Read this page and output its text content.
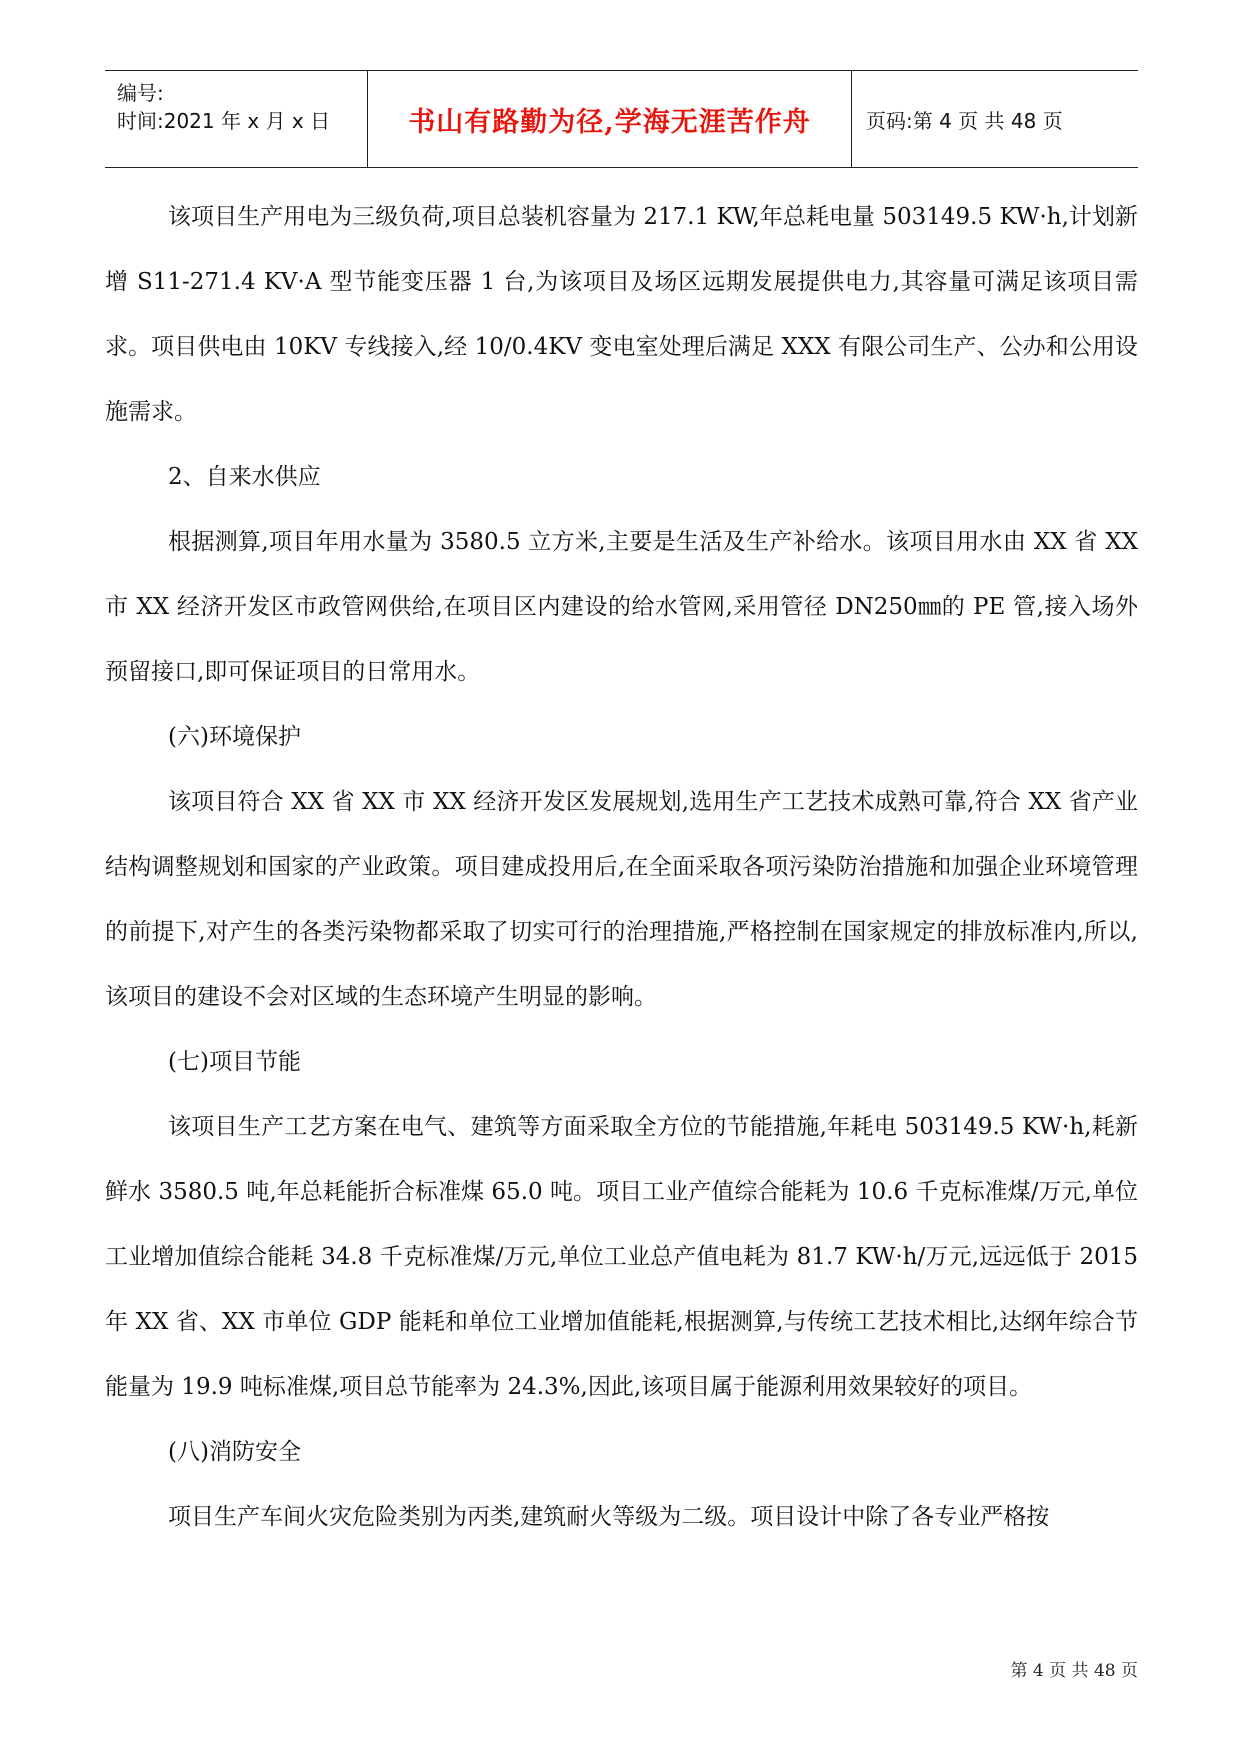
编号:
时间:2021 年 x 月 x 日	书山有路勤为径,学海无涯苦作舟	页码:第 4 页 共 48 页

该项目生产用电为三级负荷,项目总装机容量为 217.1 KW,年总耗电量 503149.5 KW·h,计划新增 S11-271.4 KV·A 型节能变压器 1 台,为该项目及场区远期发展提供电力,其容量可满足该项目需求。项目供电由 10KV 专线接入,经 10/0.4KV 变电室处理后满足 XXX 有限公司生产、公办和公用设施需求。

2、自来水供应

根据测算,项目年用水量为 3580.5 立方米,主要是生活及生产补给水。该项目用水由 XX 省 XX 市 XX 经济开发区市政管网供给,在项目区内建设的给水管网,采用管径 DN250㎜的 PE 管,接入场外预留接口,即可保证项目的日常用水。

(六)环境保护

该项目符合 XX 省 XX 市 XX 经济开发区发展规划,选用生产工艺技术成熟可靠,符合 XX 省产业结构调整规划和国家的产业政策。项目建成投用后,在全面采取各项污染防治措施和加强企业环境管理的前提下,对产生的各类污染物都采取了切实可行的治理措施,严格控制在国家规定的排放标准内,所以,该项目的建设不会对区域的生态环境产生明显的影响。

(七)项目节能

该项目生产工艺方案在电气、建筑等方面采取全方位的节能措施,年耗电 503149.5 KW·h,耗新鲜水 3580.5 吨,年总耗能折合标准煤 65.0 吨。项目工业产值综合能耗为 10.6 千克标准煤/万元,单位工业增加值综合能耗 34.8 千克标准煤/万元,单位工业总产值电耗为 81.7 KW·h/万元,远远低于 2015 年 XX 省、XX 市单位 GDP 能耗和单位工业增加值能耗,根据测算,与传统工艺技术相比,达纲年综合节能量为 19.9 吨标准煤,项目总节能率为 24.3%,因此,该项目属于能源利用效果较好的项目。

(八)消防安全

项目生产车间火灾危险类别为丙类,建筑耐火等级为二级。项目设计中除了各专业严格按

第 4 页 共 48 页
